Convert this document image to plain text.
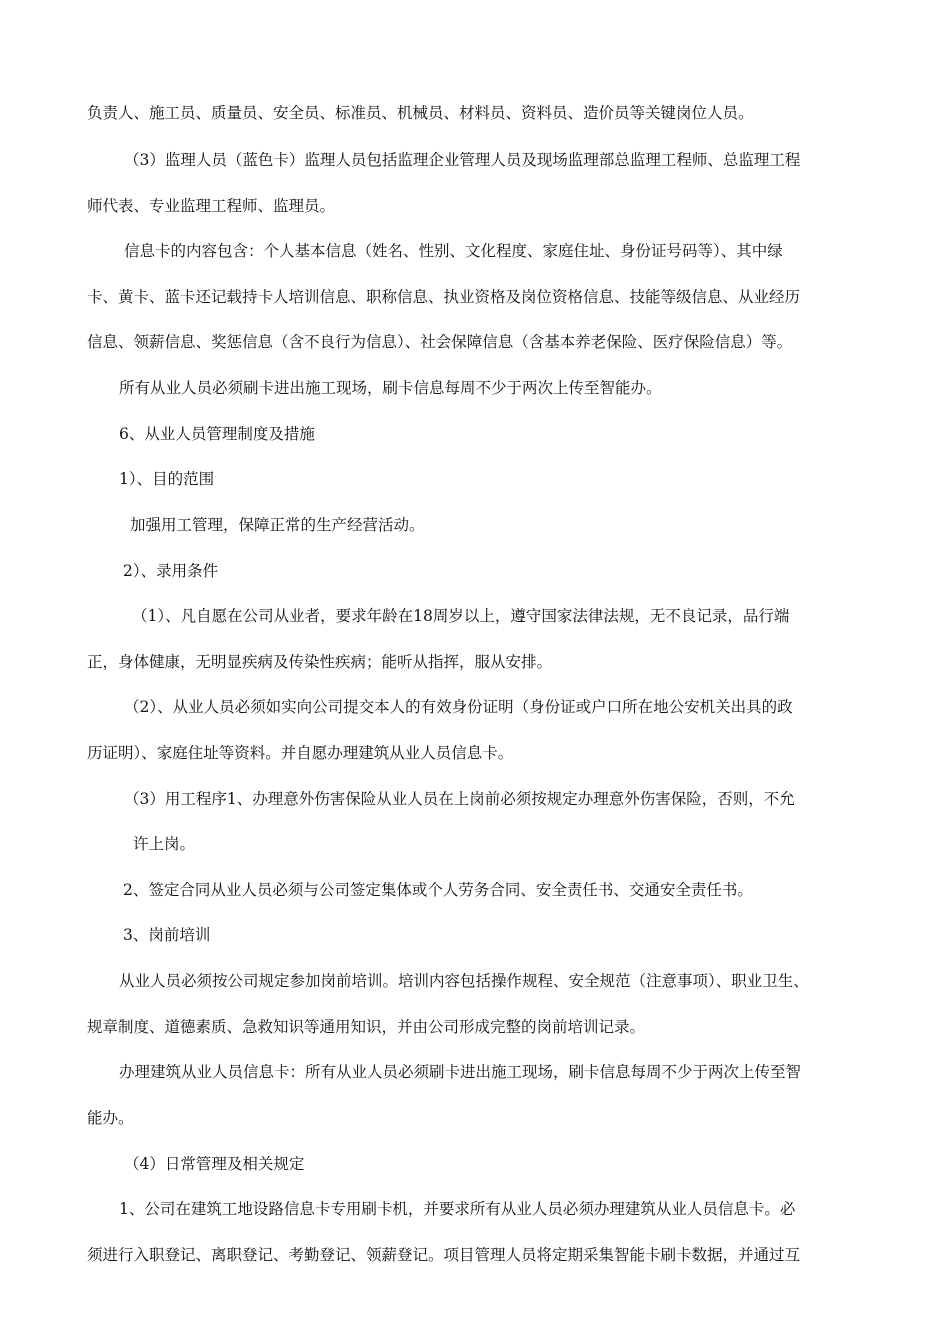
负责人、施工员、质量员、安全员、标准员、机械员、材料员、资料员、造价员等关键岗位人员。
（3）监理人员（蓝色卡）监理人员包括监理企业管理人员及现场监理部总监理工程师、总监理工程
师代表、专业监理工程师、监理员。
信息卡的内容包含：个人基本信息（姓名、性别、文化程度、家庭住址、身份证号码等）、其中绿
卡、黄卡、蓝卡还记载持卡人培训信息、职称信息、执业资格及岗位资格信息、技能等级信息、从业经历
信息、领薪信息、奖惩信息（含不良行为信息）、社会保障信息（含基本养老保险、医疗保险信息）等。
所有从业人员必须刷卡进出施工现场，刷卡信息每周不少于两次上传至智能办。
6、从业人员管理制度及措施
1）、目的范围
加强用工管理，保障正常的生产经营活动。
2）、录用条件
（1）、凡自愿在公司从业者，要求年龄在18周岁以上，遵守国家法律法规，无不良记录，品行端
正，身体健康，无明显疾病及传染性疾病；能听从指挥，服从安排。
（2）、从业人员必须如实向公司提交本人的有效身份证明（身份证或户口所在地公安机关出具的政
历证明）、家庭住址等资料。并自愿办理建筑从业人员信息卡。
（3）用工程序1、办理意外伤害保险从业人员在上岗前必须按规定办理意外伤害保险，否则，不允
许上岗。
2、签定合同从业人员必须与公司签定集体或个人劳务合同、安全责任书、交通安全责任书。
3、岗前培训
从业人员必须按公司规定参加岗前培训。培训内容包括操作规程、安全规范（注意事项）、职业卫生、
规章制度、道德素质、急救知识等通用知识，并由公司形成完整的岗前培训记录。
办理建筑从业人员信息卡：所有从业人员必须刷卡进出施工现场，刷卡信息每周不少于两次上传至智
能办。
（4）日常管理及相关规定
1、公司在建筑工地设路信息卡专用刷卡机，并要求所有从业人员必须办理建筑从业人员信息卡。必
须进行入职登记、离职登记、考勤登记、领薪登记。项目管理人员将定期采集智能卡刷卡数据，并通过互
